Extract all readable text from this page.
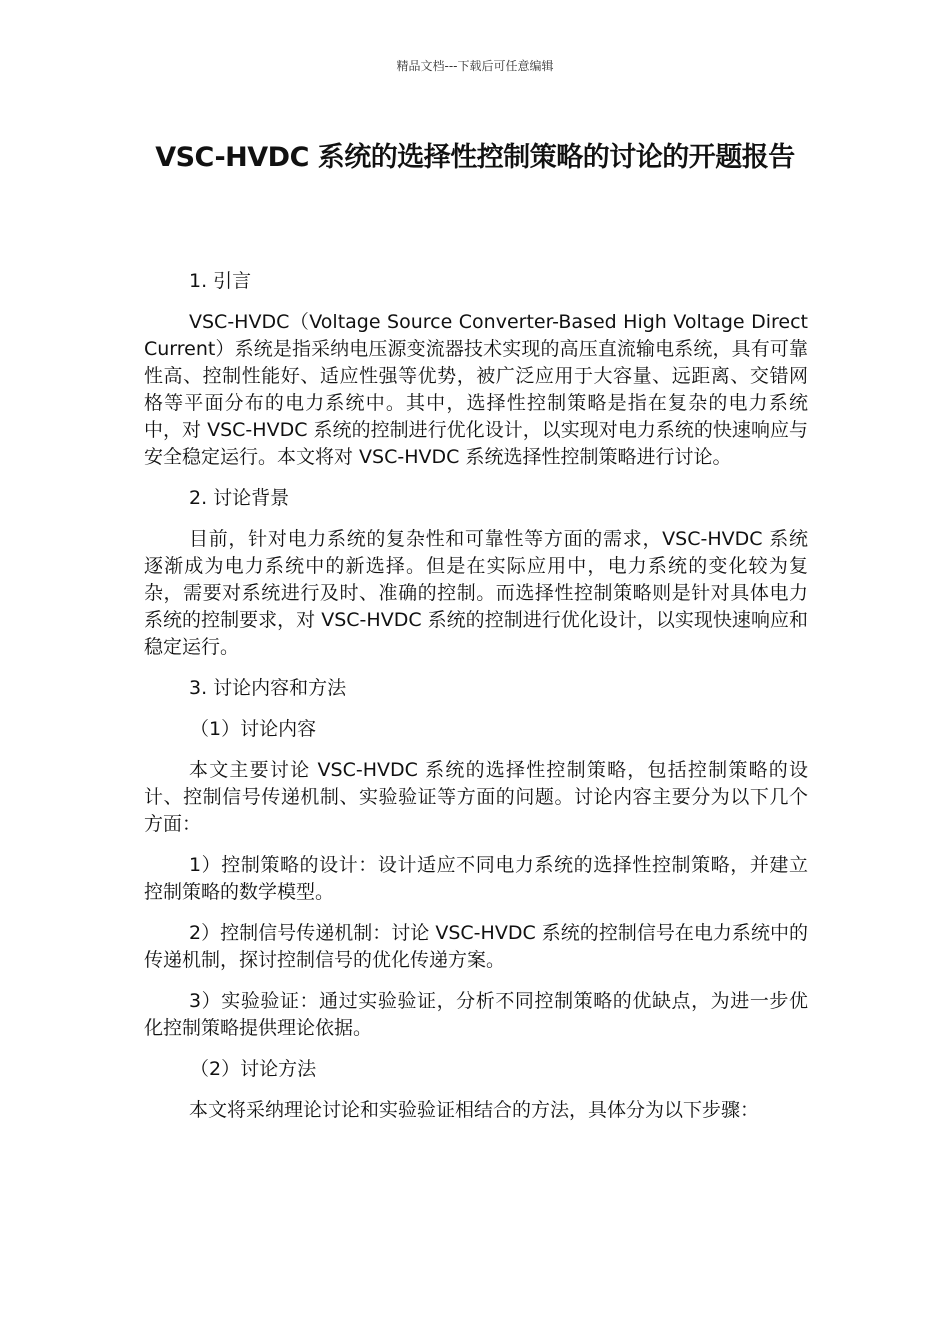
精品文档---下载后可任意编辑
VSC-HVDC 系统的选择性控制策略的讨论的开题报告
1. 引言
VSC-HVDC（Voltage Source Converter-Based High Voltage Direct Current）系统是指采纳电压源变流器技术实现的高压直流输电系统，具有可靠性高、控制性能好、适应性强等优势，被广泛应用于大容量、远距离、交错网格等平面分布的电力系统中。其中，选择性控制策略是指在复杂的电力系统中，对 VSC-HVDC 系统的控制进行优化设计，以实现对电力系统的快速响应与安全稳定运行。本文将对 VSC-HVDC 系统选择性控制策略进行讨论。
2. 讨论背景
目前，针对电力系统的复杂性和可靠性等方面的需求，VSC-HVDC 系统逐渐成为电力系统中的新选择。但是在实际应用中，电力系统的变化较为复杂，需要对系统进行及时、准确的控制。而选择性控制策略则是针对具体电力系统的控制要求，对 VSC-HVDC 系统的控制进行优化设计，以实现快速响应和稳定运行。
3. 讨论内容和方法
（1）讨论内容
本文主要讨论 VSC-HVDC 系统的选择性控制策略，包括控制策略的设计、控制信号传递机制、实验验证等方面的问题。讨论内容主要分为以下几个方面：
1）控制策略的设计：设计适应不同电力系统的选择性控制策略，并建立控制策略的数学模型。
2）控制信号传递机制：讨论 VSC-HVDC 系统的控制信号在电力系统中的传递机制，探讨控制信号的优化传递方案。
3）实验验证：通过实验验证，分析不同控制策略的优缺点，为进一步优化控制策略提供理论依据。
（2）讨论方法
本文将采纳理论讨论和实验验证相结合的方法，具体分为以下步骤：
